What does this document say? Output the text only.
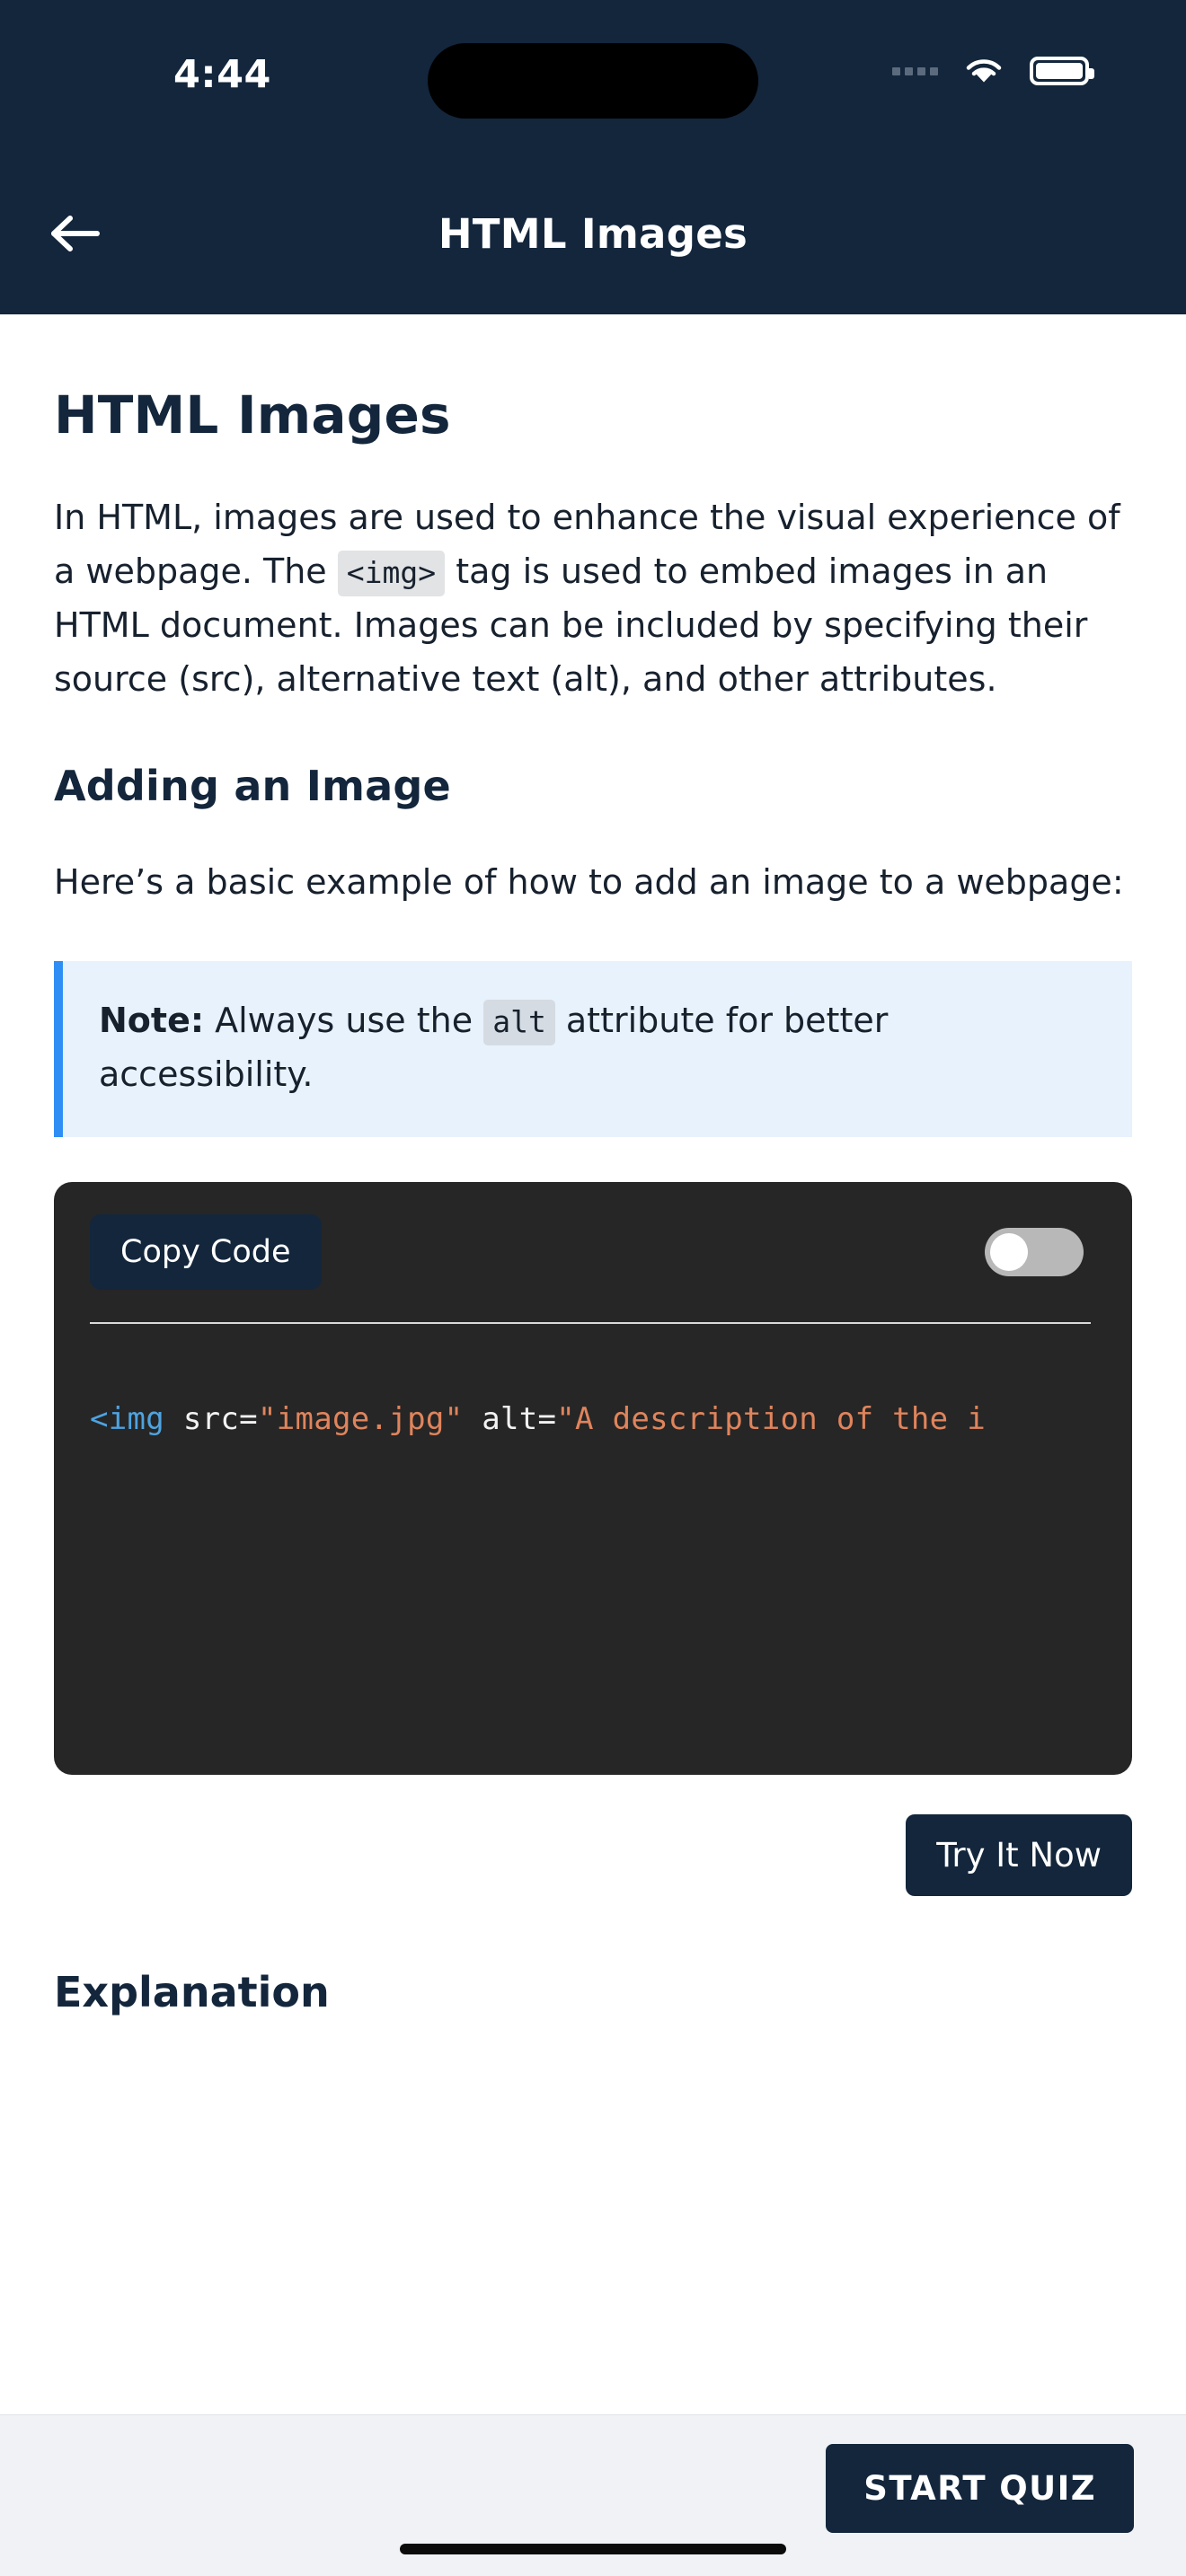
4:44
HTML Images
HTML Images

In HTML, images are used to enhance the visual experience of a webpage. The <img> tag is used to embed images in an HTML document. Images can be included by specifying their source (src), alternative text (alt), and other attributes.

Adding an Image

Here’s a basic example of how to add an image to a webpage:

Note: Always use the alt attribute for better accessibility.
Copy Code
<img src="image.jpg" alt="A description of the i
Try It Now
Explanation
START QUIZ
